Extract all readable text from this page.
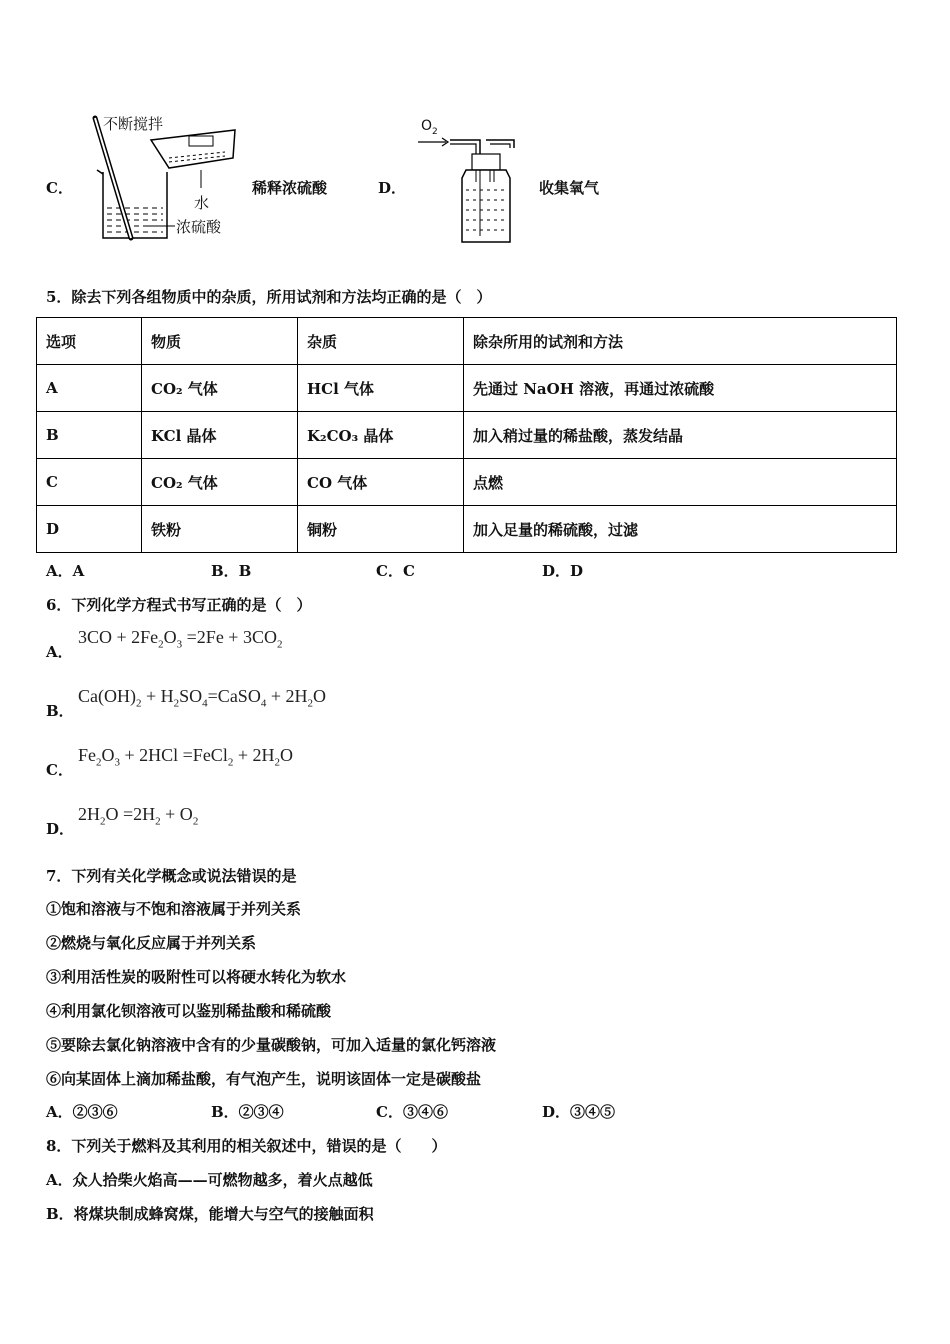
C．
不断搅拌
水
浓硫酸
稀释浓硫酸	D．
$O_2$
收集氧气
5．除去下列各组物质中的杂质，所用试剂和方法均正确的是（　）
选项	物质	杂质	除杂所用的试剂和方法
A	CO₂ 气体	HCl 气体	先通过 NaOH 溶液，再通过浓硫酸
B	KCl 晶体	K₂CO₃ 晶体	加入稍过量的稀盐酸，蒸发结晶
C	CO₂ 气体	CO 气体	点燃
D	铁粉	铜粉	加入足量的稀硫酸，过滤
A．A	B．B	C．C	D．D
6．下列化学方程式书写正确的是（　）
A．
$3CO + 2Fe_2O_3 =2Fe + 3CO_2$
B．
$Ca(OH)_2$ + $H_2SO_4=CaSO_4 + 2H_2O$
C．
$Fe_2O_3 + 2HCl$ =FeCl$_2$ + $2H_2O$
D．
$2H_2O =2H_2 + O_2$
7．下列有关化学概念或说法错误的是
①饱和溶液与不饱和溶液属于并列关系
②燃烧与氧化反应属于并列关系
③利用活性炭的吸附性可以将硬水转化为软水
④利用氯化钡溶液可以鉴别稀盐酸和稀硫酸
⑤要除去氯化钠溶液中含有的少量碳酸钠，可加入适量的氯化钙溶液
⑥向某固体上滴加稀盐酸，有气泡产生，说明该固体一定是碳酸盐
A．②③⑥	B．②③④	C．③④⑥	D．③④⑤
8．下列关于燃料及其利用的相关叙述中，错误的是（　　）
A．众人拾柴火焰高——可燃物越多，着火点越低
B．将煤块制成蜂窝煤，能增大与空气的接触面积
